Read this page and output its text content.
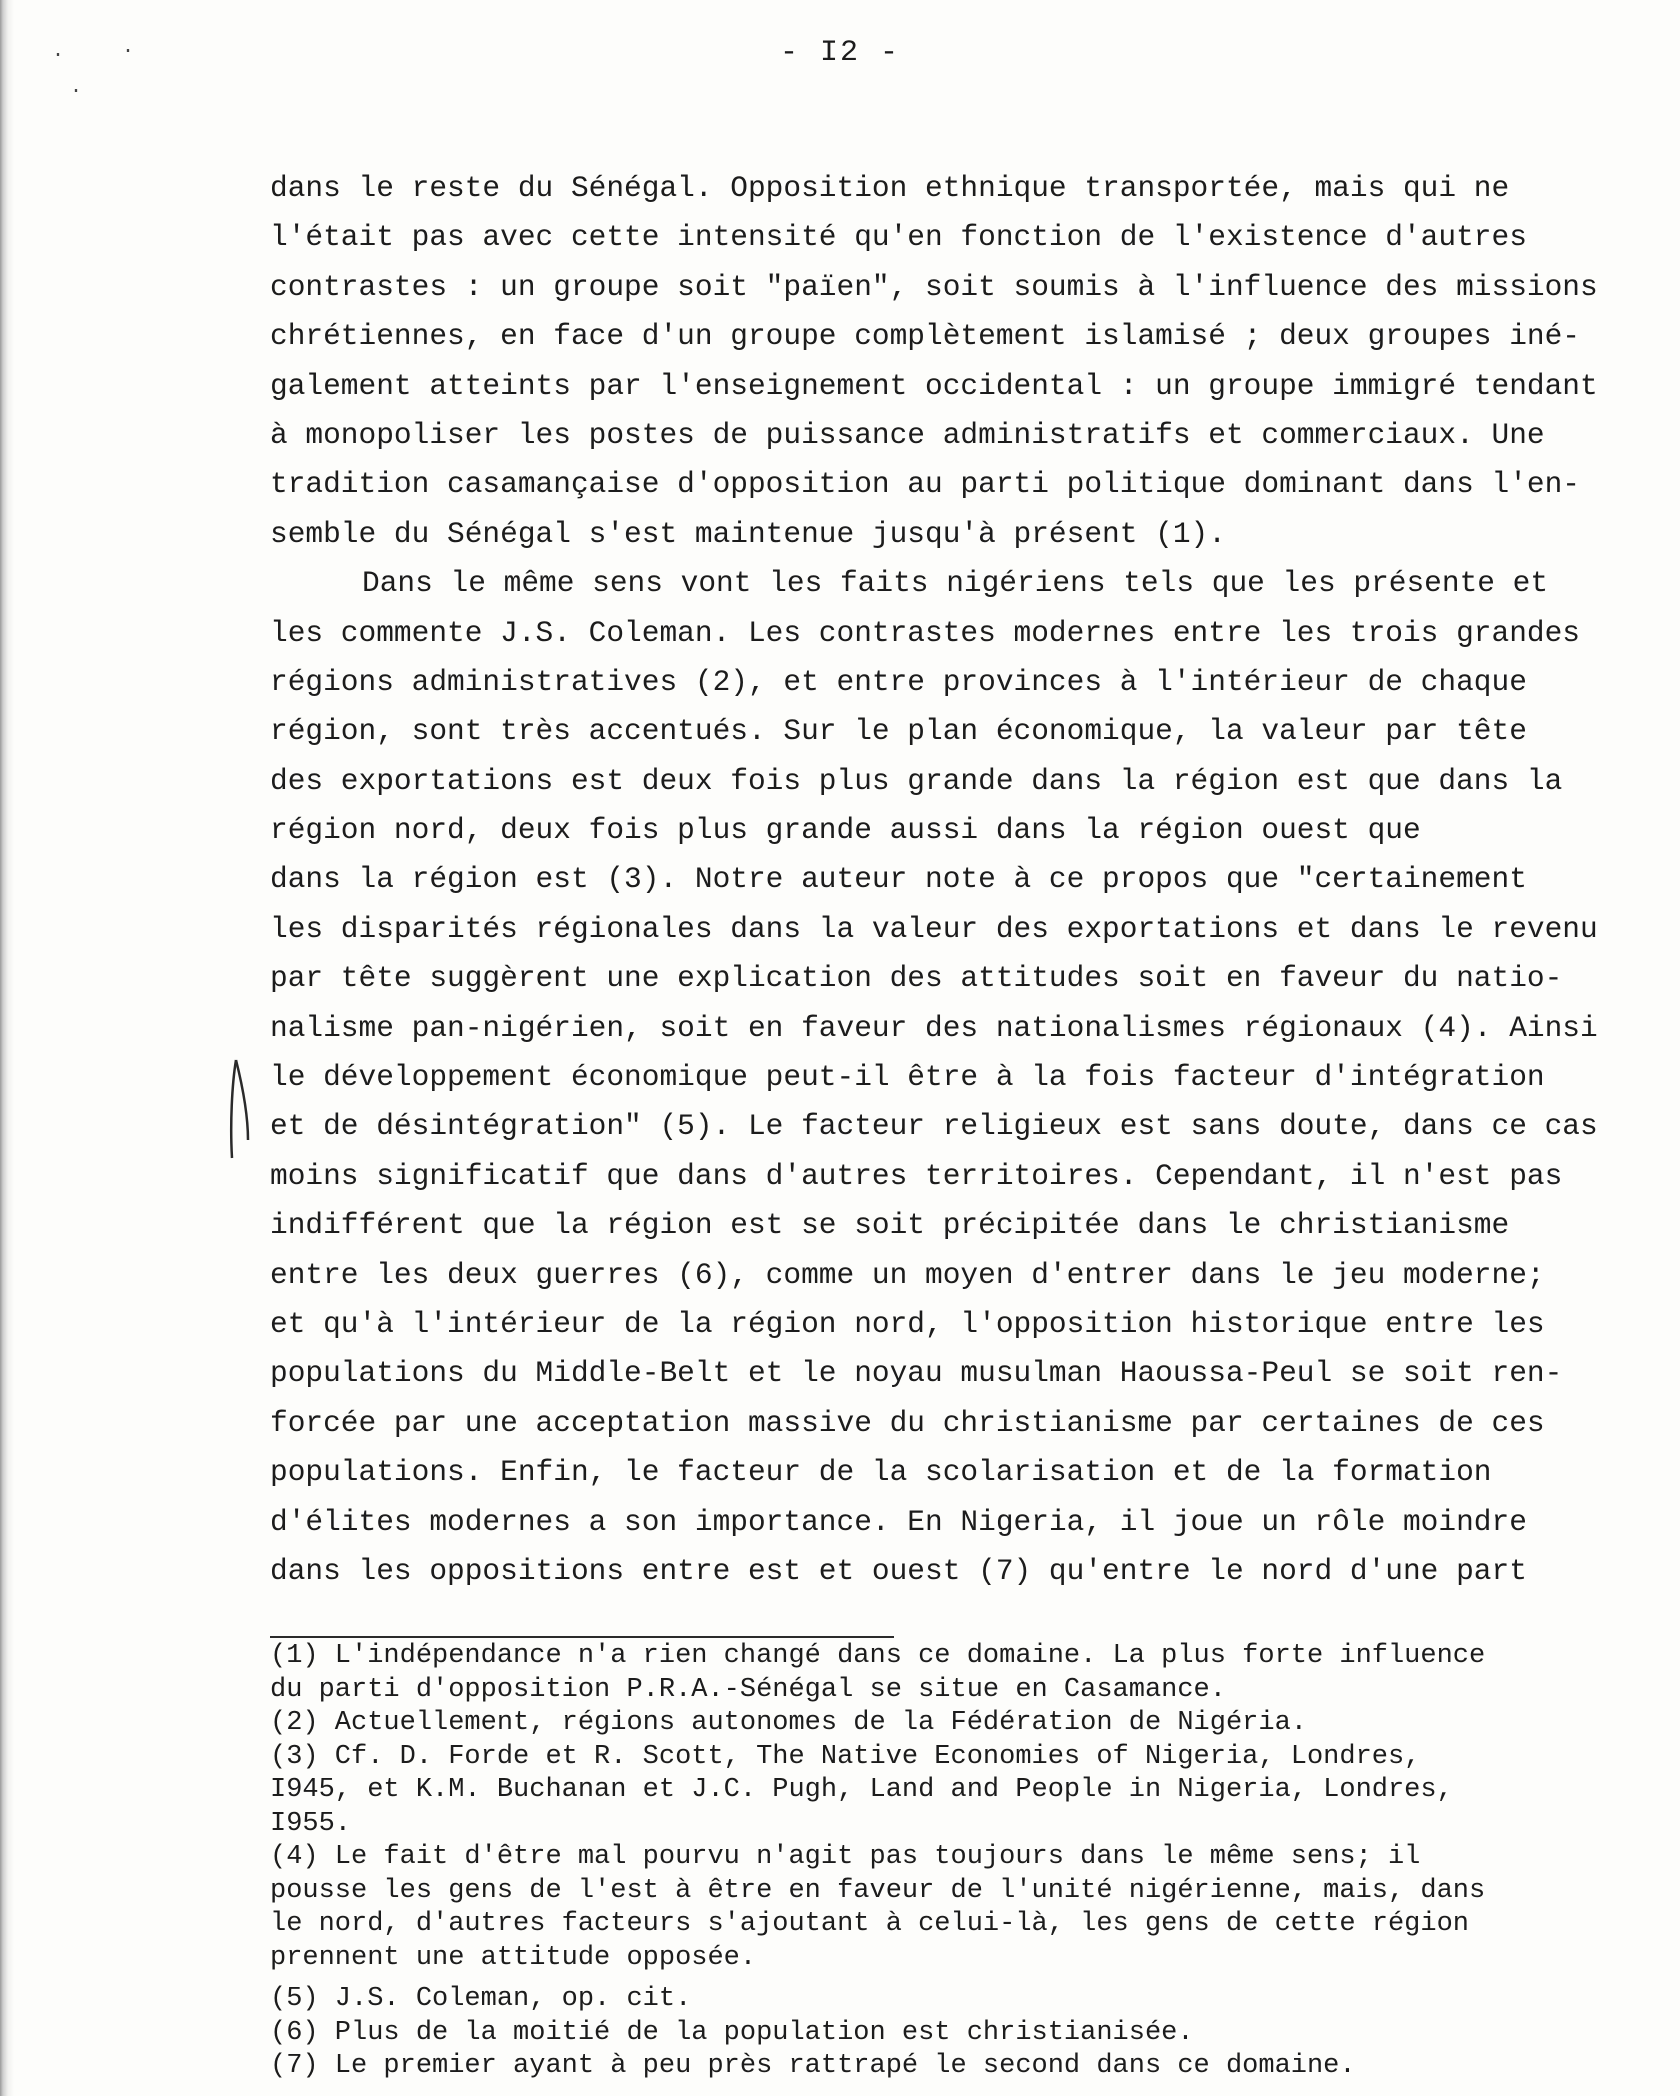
·	·
·
- I2 -
dans le reste du Sénégal. Opposition ethnique transportée, mais qui ne
l'était pas avec cette intensité qu'en fonction de l'existence d'autres
contrastes : un groupe soit "païen", soit soumis à l'influence des missions
chrétiennes, en face d'un groupe complètement islamisé ; deux groupes iné-
galement atteints par l'enseignement occidental : un groupe immigré tendant
à monopoliser les postes de puissance administratifs et commerciaux. Une
tradition casamançaise d'opposition au parti politique dominant dans l'en-
semble du Sénégal s'est maintenue jusqu'à présent (1).
Dans le même sens vont les faits nigériens tels que les présente et
les commente J.S. Coleman. Les contrastes modernes entre les trois grandes
régions administratives (2), et entre provinces à l'intérieur de chaque
région, sont très accentués. Sur le plan économique, la valeur par tête
des exportations est deux fois plus grande dans la région est que dans la
région nord, deux fois plus grande aussi dans la région ouest que
dans la région est (3). Notre auteur note à ce propos que "certainement
les disparités régionales dans la valeur des exportations et dans le revenu
par tête suggèrent une explication des attitudes soit en faveur du natio-
nalisme pan-nigérien, soit en faveur des nationalismes régionaux (4). Ainsi
le développement économique peut-il être à la fois facteur d'intégration
et de désintégration" (5). Le facteur religieux est sans doute, dans ce cas
moins significatif que dans d'autres territoires. Cependant, il n'est pas
indifférent que la région est se soit précipitée dans le christianisme
entre les deux guerres (6), comme un moyen d'entrer dans le jeu moderne;
et qu'à l'intérieur de la région nord, l'opposition historique entre les
populations du Middle-Belt et le noyau musulman Haoussa-Peul se soit ren-
forcée par une acceptation massive du christianisme par certaines de ces
populations. Enfin, le facteur de la scolarisation et de la formation
d'élites modernes a son importance. En Nigeria, il joue un rôle moindre
dans les oppositions entre est et ouest (7) qu'entre le nord d'une part
(1) L'indépendance n'a rien changé dans ce domaine. La plus forte influence
du parti d'opposition P.R.A.-Sénégal se situe en Casamance.
(2) Actuellement, régions autonomes de la Fédération de Nigéria.
(3) Cf. D. Forde et R. Scott, The Native Economies of Nigeria, Londres,
I945, et K.M. Buchanan et J.C. Pugh, Land and People in Nigeria, Londres,
I955.
(4) Le fait d'être mal pourvu n'agit pas toujours dans le même sens; il
pousse les gens de l'est à être en faveur de l'unité nigérienne, mais, dans
le nord, d'autres facteurs s'ajoutant à celui-là, les gens de cette région
prennent une attitude opposée.
(5) J.S. Coleman, op. cit.
(6) Plus de la moitié de la population est christianisée.
(7) Le premier ayant à peu près rattrapé le second dans ce domaine.
